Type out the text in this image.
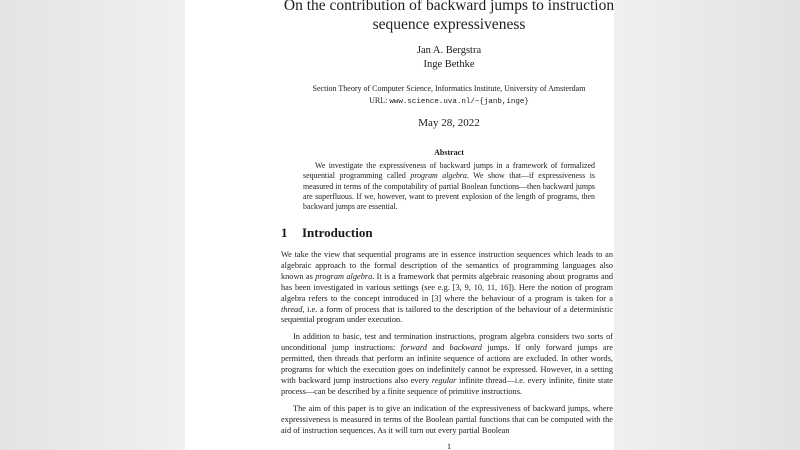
On the contribution of backward jumps to instruction
sequence expressiveness
Jan A. Bergstra
Inge Bethke
Section Theory of Computer Science, Informatics Institute, University of Amsterdam
URL: www.science.uva.nl/~{janb,inge}
May 28, 2022
Abstract
We investigate the expressiveness of backward jumps in a framework of formalized sequential programming called program algebra. We show that—if expressiveness is measured in terms of the computability of partial Boolean functions—then backward jumps are superfluous. If we, however, want to prevent explosion of the length of programs, then backward jumps are essential.
1 Introduction

We take the view that sequential programs are in essence instruction sequences which leads to an algebraic approach to the formal description of the semantics of programming languages also known as program algebra. It is a framework that permits algebraic reasoning about programs and has been investigated in various settings (see e.g. [3, 9, 10, 11, 16]). Here the notion of program algebra refers to the concept introduced in [3] where the behaviour of a program is taken for a thread, i.e. a form of process that is tailored to the description of the behaviour of a deterministic sequential program under execution.

In addition to basic, test and termination instructions, program algebra considers two sorts of unconditional jump instructions: forward and backward jumps. If only forward jumps are permitted, then threads that perform an infinite sequence of actions are excluded. In other words, programs for which the execution goes on indefinitely cannot be expressed. However, in a setting with backward jump instructions also every regular infinite thread—i.e. every infinite, finite state process—can be described by a finite sequence of primitive instructions.

The aim of this paper is to give an indication of the expressiveness of backward jumps, where expressiveness is measured in terms of the Boolean partial functions that can be computed with the aid of instruction sequences. As it will turn out every partial Boolean

1
